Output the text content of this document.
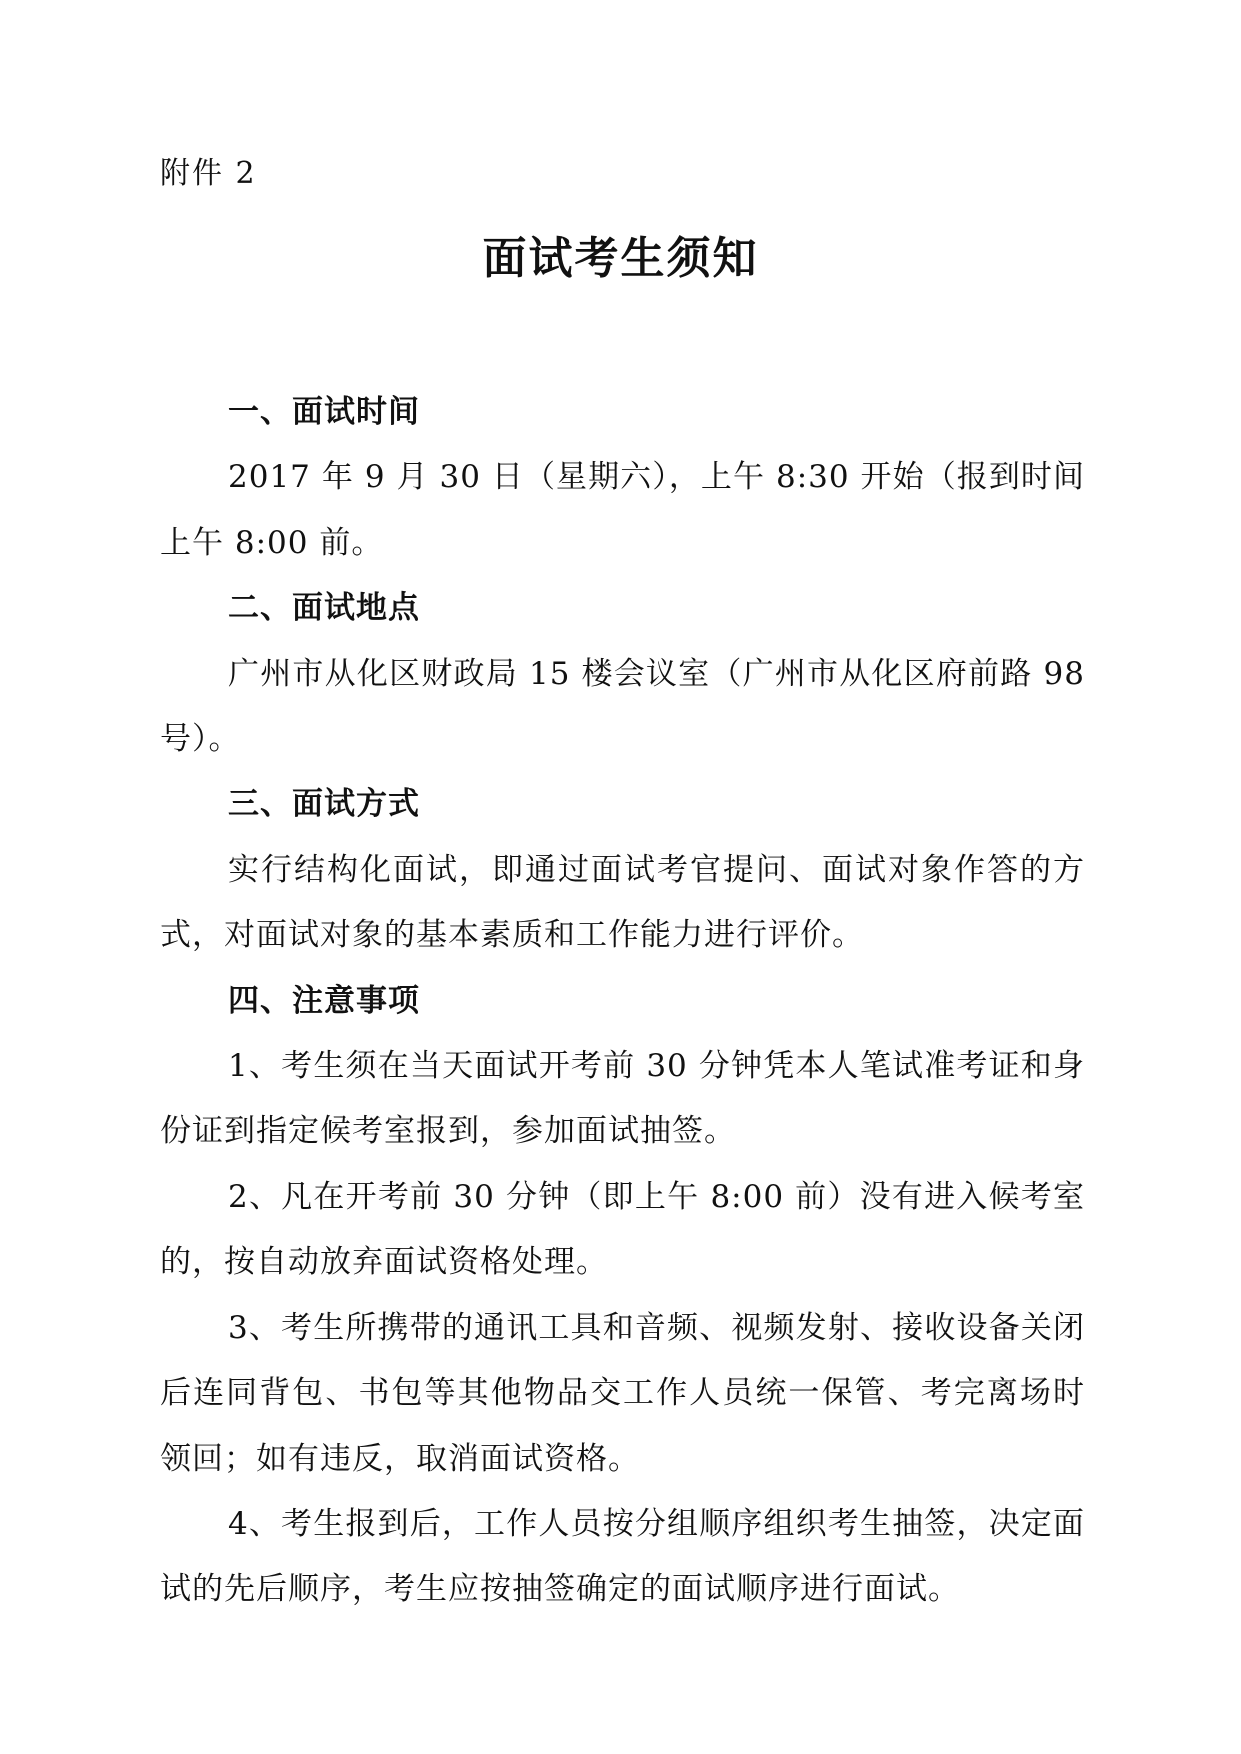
附件 2
面试考生须知

一、面试时间

2017 年 9 月 30 日（星期六），上午 8:30 开始（报到时间上午 8:00 前。

二、面试地点

广州市从化区财政局 15 楼会议室（广州市从化区府前路 98 号）。

三、面试方式

实行结构化面试，即通过面试考官提问、面试对象作答的方式，对面试对象的基本素质和工作能力进行评价。

四、注意事项

1、考生须在当天面试开考前 30 分钟凭本人笔试准考证和身份证到指定候考室报到，参加面试抽签。

2、凡在开考前 30 分钟（即上午 8:00 前）没有进入候考室的，按自动放弃面试资格处理。

3、考生所携带的通讯工具和音频、视频发射、接收设备关闭后连同背包、书包等其他物品交工作人员统一保管、考完离场时领回；如有违反，取消面试资格。

4、考生报到后，工作人员按分组顺序组织考生抽签，决定面试的先后顺序，考生应按抽签确定的面试顺序进行面试。
